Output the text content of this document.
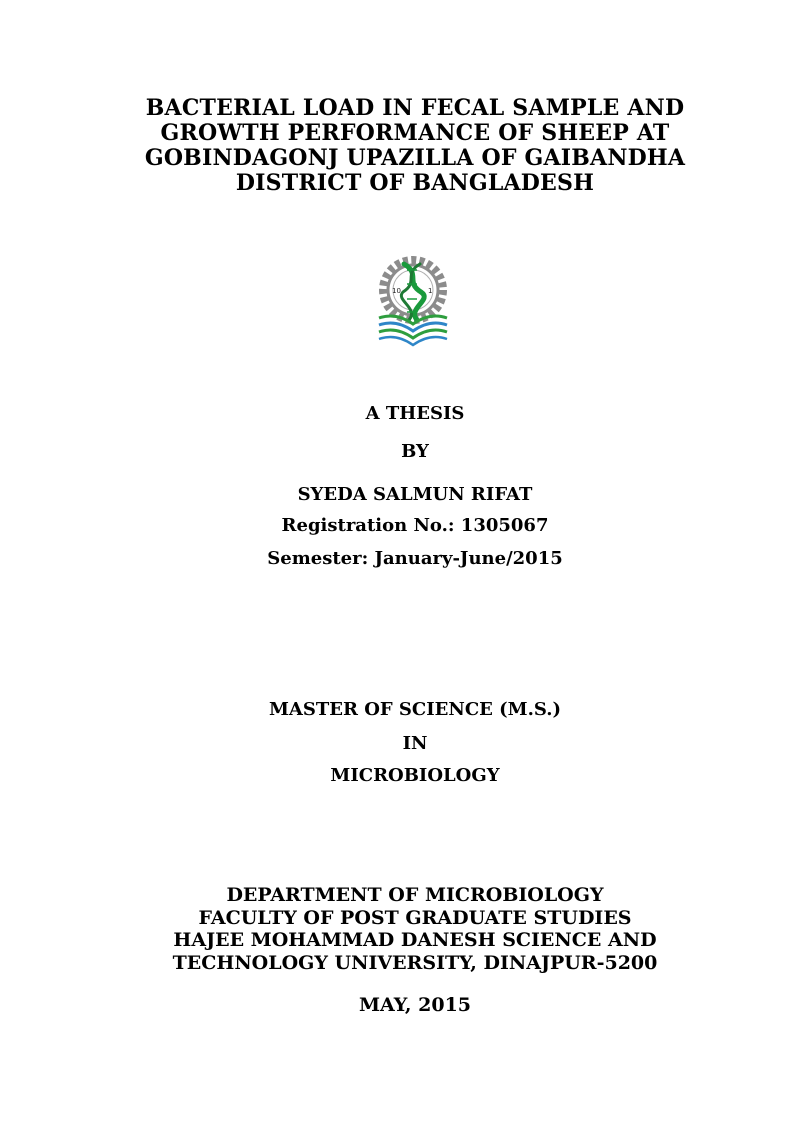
BACTERIAL LOAD IN FECAL SAMPLE AND
GROWTH PERFORMANCE OF SHEEP AT
GOBINDAGONJ UPAZILLA OF GAIBANDHA
DISTRICT OF BANGLADESH
10	1
A THESIS
BY
SYEDA SALMUN RIFAT
Registration No.: 1305067
Semester: January-June/2015
MASTER OF SCIENCE (M.S.)
IN
MICROBIOLOGY
DEPARTMENT OF MICROBIOLOGY
FACULTY OF POST GRADUATE STUDIES
HAJEE MOHAMMAD DANESH SCIENCE AND
TECHNOLOGY UNIVERSITY, DINAJPUR-5200
MAY, 2015
